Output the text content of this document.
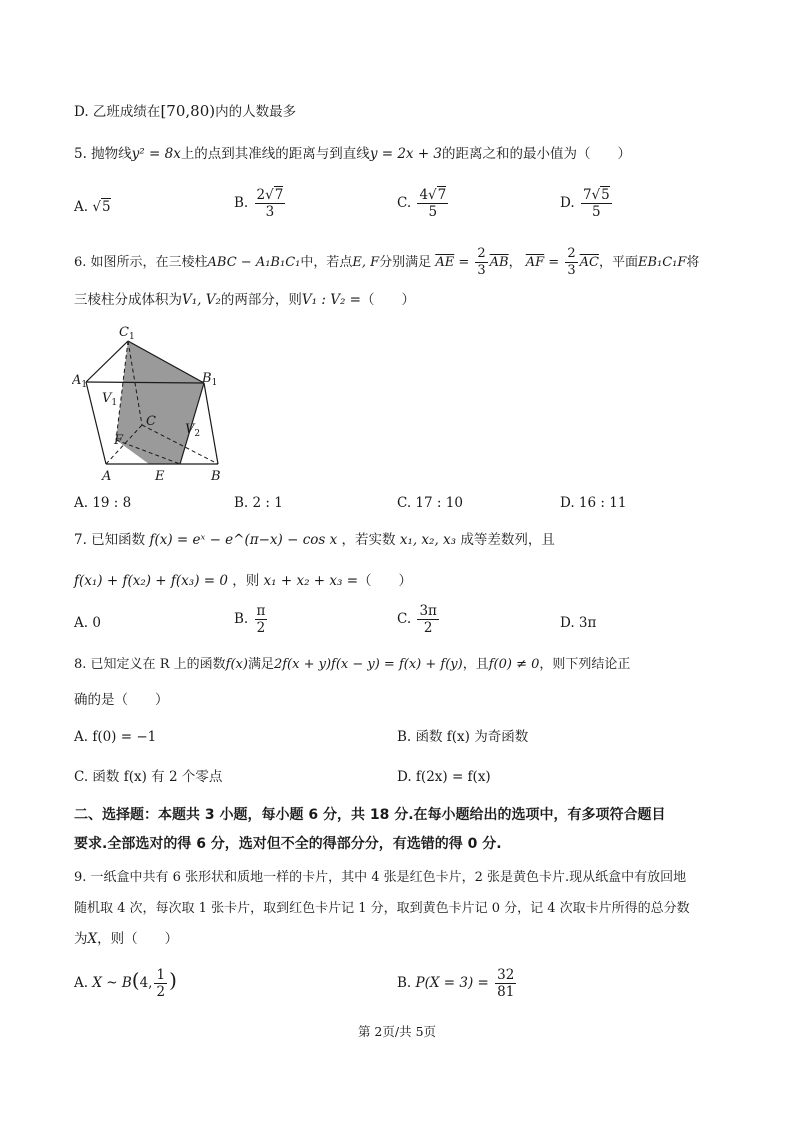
D. 乙班成绩在[70,80)内的人数最多
5. 抛物线y² = 8x上的点到其准线的距离与到直线y = 2x + 3的距离之和的最小值为（　　）
A. √5	B. $\frac{2√7}{3}$	C. $\frac{4√7}{5}$	D. $\frac{7√5}{5}$
6. 如图所示，在三棱柱ABC − A₁B₁C₁中，若点E, F分别满足 $\overline{AE} = \frac{2}{3} \overline{AB}$， $\overline{AF} = \frac{2}{3} \overline{AC}$，平面EB₁C₁F将
三棱柱分成体积为V₁, V₂的两部分，则V₁ : V₂ =（　　）
$C_1$
$A_1$	$B_1$
$V_1$
C
$V_2$
F
A	E	B
A. 19 : 8	B. 2 : 1	C. 17 : 10	D. 16 : 11
7. 已知函数 f(x) = eˣ − e^(π−x) − cos x ，若实数 x₁, x₂, x₃ 成等差数列，且
f(x₁) + f(x₂) + f(x₃) = 0 ，则 x₁ + x₂ + x₃ =（　　）
A. 0	B. $\frac{\pi}{2}$	C. $\frac{3\pi}{2}$	D. 3π
8. 已知定义在 R 上的函数f(x)满足2f(x + y)f(x − y) = f(x) + f(y)，且f(0) ≠ 0，则下列结论正
确的是（　　）
A. f(0) = −1	B. 函数 f(x) 为奇函数
C. 函数 f(x) 有 2 个零点	D. f(2x) = f(x)
二、选择题：本题共 3 小题，每小题 6 分，共 18 分.在每小题给出的选项中，有多项符合题目
要求.全部选对的得 6 分，选对但不全的得部分分，有选错的得 0 分.
9. 一纸盒中共有 6 张形状和质地一样的卡片，其中 4 张是红色卡片，2 张是黄色卡片.现从纸盒中有放回地
随机取 4 次，每次取 1 张卡片，取到红色卡片记 1 分，取到黄色卡片记 0 分，记 4 次取卡片所得的总分数
为X，则（　　）
A. X ~ B(4, $\frac{1}{2}$ )	B. $P(X = 3) = \frac{32}{81}$
第 2页/共 5页
